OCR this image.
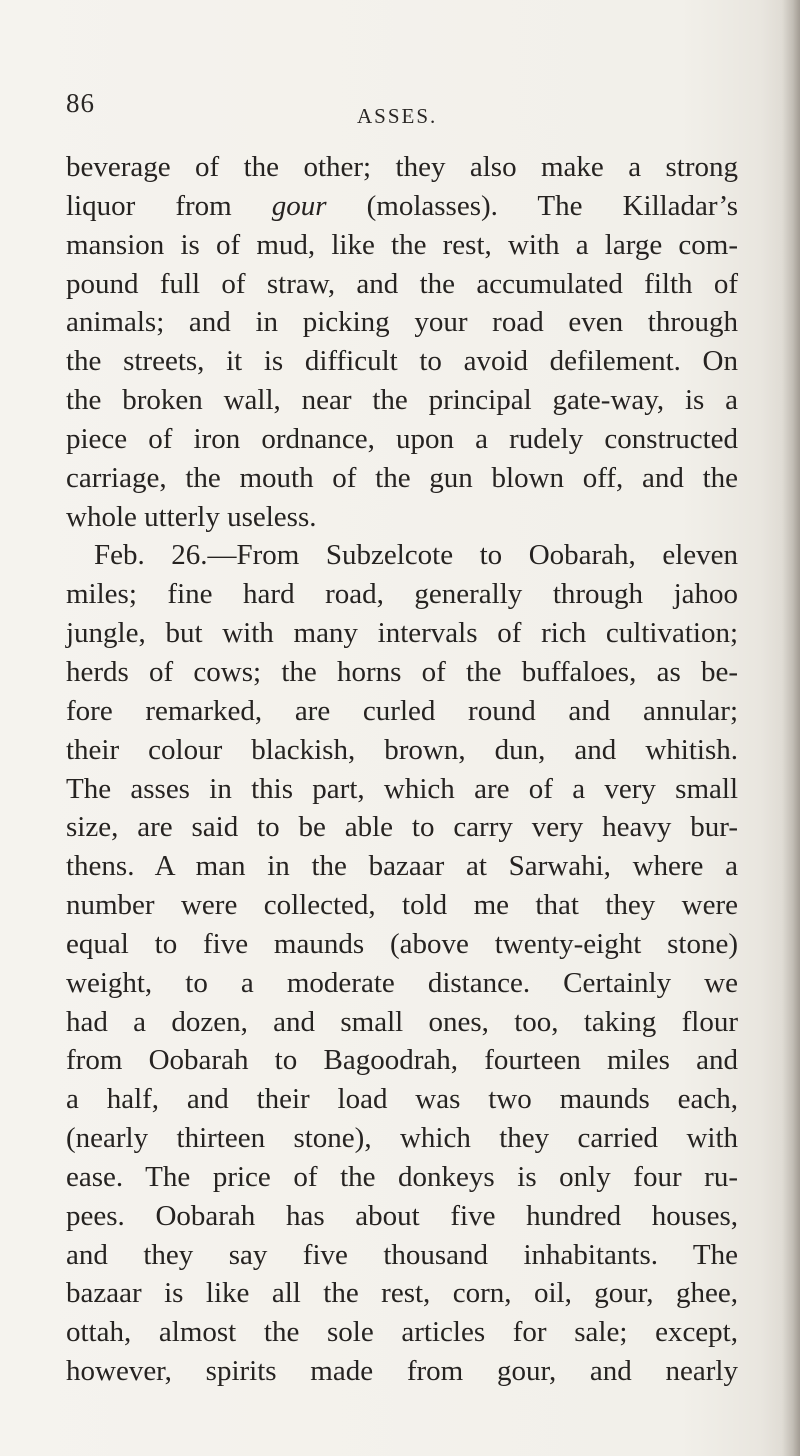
86	ASSES.
beverage of the other; they also make a strong
liquor from gour (molasses). The Killadar’s
mansion is of mud, like the rest, with a large com-
pound full of straw, and the accumulated filth of
animals; and in picking your road even through
the streets, it is difficult to avoid defilement. On
the broken wall, near the principal gate-way, is a
piece of iron ordnance, upon a rudely constructed
carriage, the mouth of the gun blown off, and the
whole utterly useless.
Feb. 26.—From Subzelcote to Oobarah, eleven
miles; fine hard road, generally through jahoo
jungle, but with many intervals of rich cultivation;
herds of cows; the horns of the buffaloes, as be-
fore remarked, are curled round and annular;
their colour blackish, brown, dun, and whitish.
The asses in this part, which are of a very small
size, are said to be able to carry very heavy bur-
thens. A man in the bazaar at Sarwahi, where a
number were collected, told me that they were
equal to five maunds (above twenty-eight stone)
weight, to a moderate distance. Certainly we
had a dozen, and small ones, too, taking flour
from Oobarah to Bagoodrah, fourteen miles and
a half, and their load was two maunds each,
(nearly thirteen stone), which they carried with
ease. The price of the donkeys is only four ru-
pees. Oobarah has about five hundred houses,
and they say five thousand inhabitants. The
bazaar is like all the rest, corn, oil, gour, ghee,
ottah, almost the sole articles for sale; except,
however, spirits made from gour, and nearly
